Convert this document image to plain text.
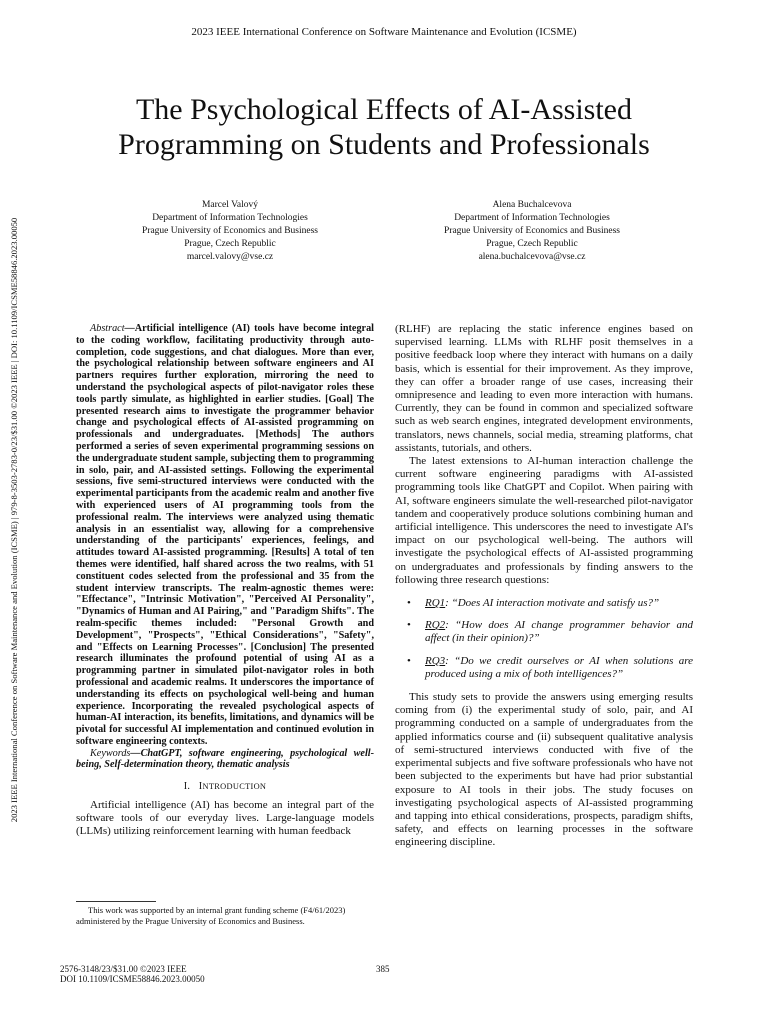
2023 IEEE International Conference on Software Maintenance and Evolution (ICSME)
The Psychological Effects of AI-Assisted
Programming on Students and Professionals
Marcel Valový
Department of Information Technologies
Prague University of Economics and Business
Prague, Czech Republic
marcel.valovy@vse.cz
Alena Buchalcevova
Department of Information Technologies
Prague University of Economics and Business
Prague, Czech Republic
alena.buchalcevova@vse.cz
2023 IEEE International Conference on Software Maintenance and Evolution (ICSME) | 979-8-3503-2783-0/23/$31.00 ©2023 IEEE | DOI: 10.1109/ICSME58846.2023.00050	Abstract—Artificial intelligence (AI) tools have become integral to the coding workflow, facilitating productivity through auto-completion, code suggestions, and chat dialogues. More than ever, the psychological relationship between software engineers and AI partners requires further exploration, mirroring the need to understand the psychological aspects of pilot-navigator roles these tools partly simulate, as highlighted in earlier studies. [Goal] The presented research aims to investigate the programmer behavior change and psychological effects of AI-assisted programming on professionals and undergraduates. [Methods] The authors performed a series of seven experimental programming sessions on the undergraduate student sample, subjecting them to programming in solo, pair, and AI-assisted settings. Following the experimental sessions, five semi-structured interviews were conducted with the experimental participants from the academic realm and another five with experienced users of AI programming tools from the professional realm. The interviews were analyzed using thematic analysis in an essentialist way, allowing for a comprehensive understanding of the participants' experiences, feelings, and attitudes toward AI-assisted programming. [Results] A total of ten themes were identified, half shared across the two realms, with 51 constituent codes selected from the professional and 35 from the student interview transcripts. The realm-agnostic themes were: "Effectance", "Intrinsic Motivation", "Perceived AI Personality", "Dynamics of Human and AI Pairing," and "Paradigm Shifts". The realm-specific themes included: "Personal Growth and Development", "Prospects", "Ethical Considerations", "Safety", and "Effects on Learning Processes". [Conclusion] The presented research illuminates the profound potential of using AI as a programming partner in simulated pilot-navigator roles in both professional and academic realms. It underscores the importance of understanding its effects on psychological well-being and human experience. Incorporating the revealed psychological aspects of human-AI interaction, its benefits, limitations, and dynamics will be pivotal for successful AI implementation and continued evolution in software engineering contexts.

Keywords—ChatGPT, software engineering, psychological well-being, Self-determination theory, thematic analysis

I. INTRODUCTION

Artificial intelligence (AI) has become an integral part of the software tools of our everyday lives. Large-language models (LLMs) utilizing reinforcement learning with human feedback

(RLHF) are replacing the static inference engines based on supervised learning. LLMs with RLHF posit themselves in a positive feedback loop where they interact with humans on a daily basis, which is essential for their improvement. As they improve, they can offer a broader range of use cases, increasing their omnipresence and leading to even more interaction with humans. Currently, they can be found in common and specialized software such as web search engines, integrated development environments, translators, news channels, social media, streaming platforms, chat assistants, tutorials, and others.

The latest extensions to AI-human interaction challenge the current software engineering paradigms with AI-assisted programming tools like ChatGPT and Copilot. When pairing with AI, software engineers simulate the well-researched pilot-navigator tandem and cooperatively produce solutions combining human and artificial intelligence. This underscores the need to investigate AI's impact on our psychological well-being. The authors will investigate the psychological effects of AI-assisted programming on undergraduates and professionals by finding answers to the following three research questions:

• RQ1: “Does AI interaction motivate and satisfy us?”
• RQ2: “How does AI change programmer behavior and affect (in their opinion)?”
• RQ3: “Do we credit ourselves or AI when solutions are produced using a mix of both intelligences?”

This study sets to provide the answers using emerging results coming from (i) the experimental study of solo, pair, and AI programming conducted on a sample of undergraduates from the applied informatics course and (ii) subsequent qualitative analysis of semi-structured interviews conducted with five of the experimental subjects and five software professionals who have not been subjected to the experiments but have had prior substantial exposure to AI tools in their jobs. The study focuses on investigating psychological aspects of AI-assisted programming and tapping into ethical considerations, prospects, paradigm shifts, safety, and effects on learning processes in the software engineering discipline.

This work was supported by an internal grant funding scheme (F4/61/2023) administered by the Prague University of Economics and Business.

2576-3148/23/$31.00 ©2023 IEEE
DOI 10.1109/ICSME58846.2023.00050
385
